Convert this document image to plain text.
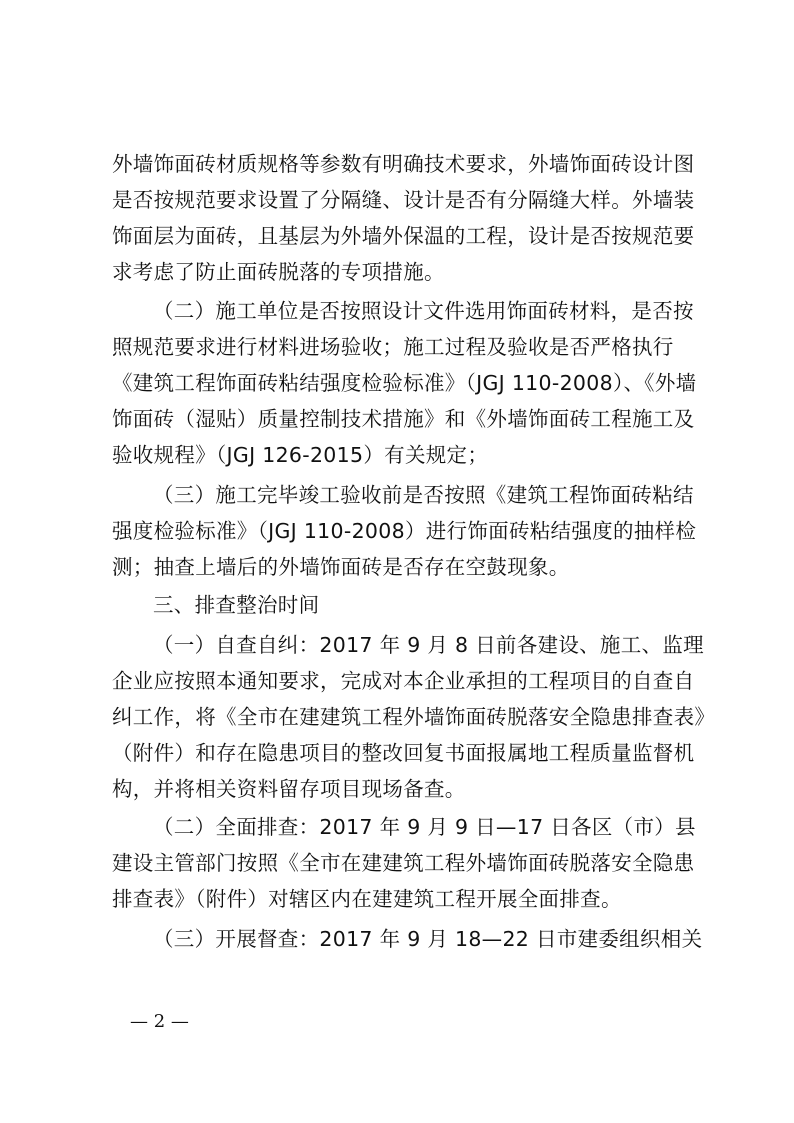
外墙饰面砖材质规格等参数有明确技术要求，外墙饰面砖设计图

是否按规范要求设置了分隔缝、设计是否有分隔缝大样。外墙装

饰面层为面砖，且基层为外墙外保温的工程，设计是否按规范要

求考虑了防止面砖脱落的专项措施。

（二）施工单位是否按照设计文件选用饰面砖材料，是否按

照规范要求进行材料进场验收；施工过程及验收是否严格执行

《建筑工程饰面砖粘结强度检验标准》（JGJ 110-2008）、《外墙

饰面砖（湿贴）质量控制技术措施》和《外墙饰面砖工程施工及

验收规程》（JGJ 126-2015）有关规定；

（三）施工完毕竣工验收前是否按照《建筑工程饰面砖粘结

强度检验标准》（JGJ 110-2008）进行饰面砖粘结强度的抽样检

测；抽查上墙后的外墙饰面砖是否存在空鼓现象。

三、排查整治时间

（一）自查自纠：2017 年 9 月 8 日前各建设、施工、监理

企业应按照本通知要求，完成对本企业承担的工程项目的自查自

纠工作，将《全市在建建筑工程外墙饰面砖脱落安全隐患排查表》

（附件）和存在隐患项目的整改回复书面报属地工程质量监督机

构，并将相关资料留存项目现场备查。

（二）全面排查：2017 年 9 月 9 日—17 日各区（市）县

建设主管部门按照《全市在建建筑工程外墙饰面砖脱落安全隐患

排查表》（附件）对辖区内在建建筑工程开展全面排查。

（三）开展督查：2017 年 9 月 18—22 日市建委组织相关

— 2 —
